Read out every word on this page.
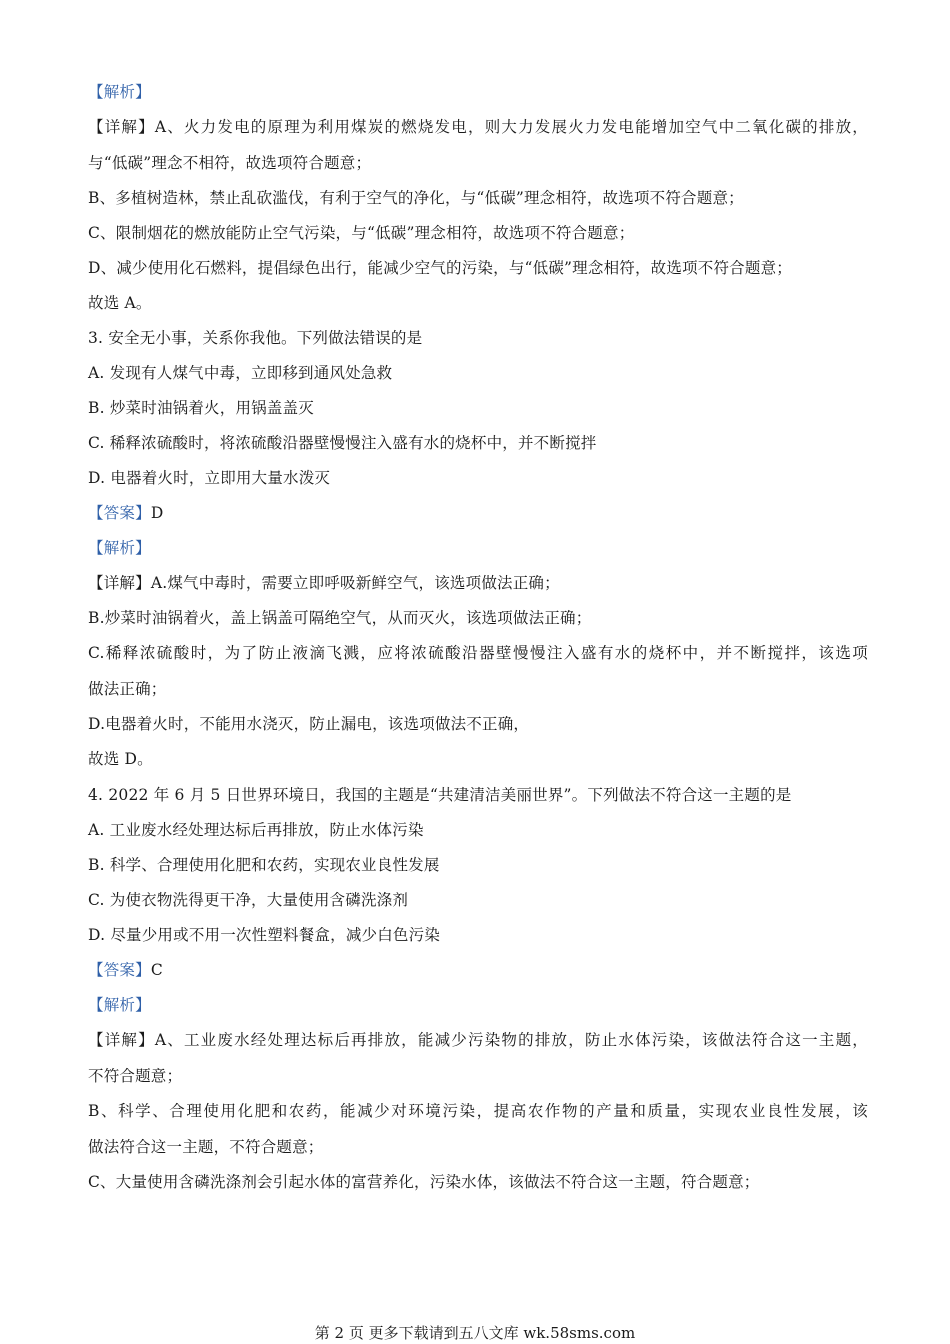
【解析】
【详解】A、火力发电的原理为利用煤炭的燃烧发电，则大力发展火力发电能增加空气中二氧化碳的排放，
与“低碳”理念不相符，故选项符合题意；
B、多植树造林，禁止乱砍滥伐，有利于空气的净化，与“低碳”理念相符，故选项不符合题意；
C、限制烟花的燃放能防止空气污染，与“低碳”理念相符，故选项不符合题意；
D、减少使用化石燃料，提倡绿色出行，能减少空气的污染，与“低碳”理念相符，故选项不符合题意；
故选 A。
3. 安全无小事，关系你我他。下列做法错误的是
A. 发现有人煤气中毒，立即移到通风处急救
B. 炒菜时油锅着火，用锅盖盖灭
C. 稀释浓硫酸时，将浓硫酸沿器壁慢慢注入盛有水的烧杯中，并不断搅拌
D. 电器着火时，立即用大量水泼灭
【答案】D
【解析】
【详解】A.煤气中毒时，需要立即呼吸新鲜空气，该选项做法正确；
B.炒菜时油锅着火，盖上锅盖可隔绝空气，从而灭火，该选项做法正确；
C.稀释浓硫酸时，为了防止液滴飞溅，应将浓硫酸沿器壁慢慢注入盛有水的烧杯中，并不断搅拌，该选项
做法正确；
D.电器着火时，不能用水浇灭，防止漏电，该选项做法不正确，
故选 D。
4. 2022 年 6 月 5 日世界环境日，我国的主题是“共建清洁美丽世界”。下列做法不符合这一主题的是
A. 工业废水经处理达标后再排放，防止水体污染
B. 科学、合理使用化肥和农药，实现农业良性发展
C. 为使衣物洗得更干净，大量使用含磷洗涤剂
D. 尽量少用或不用一次性塑料餐盒，减少白色污染
【答案】C
【解析】
【详解】A、工业废水经处理达标后再排放，能减少污染物的排放，防止水体污染，该做法符合这一主题，
不符合题意；
B、科学、合理使用化肥和农药，能减少对环境污染，提高农作物的产量和质量，实现农业良性发展，该
做法符合这一主题，不符合题意；
C、大量使用含磷洗涤剂会引起水体的富营养化，污染水体，该做法不符合这一主题，符合题意；
第 2 页 更多下载请到五八文库 wk.58sms.com
